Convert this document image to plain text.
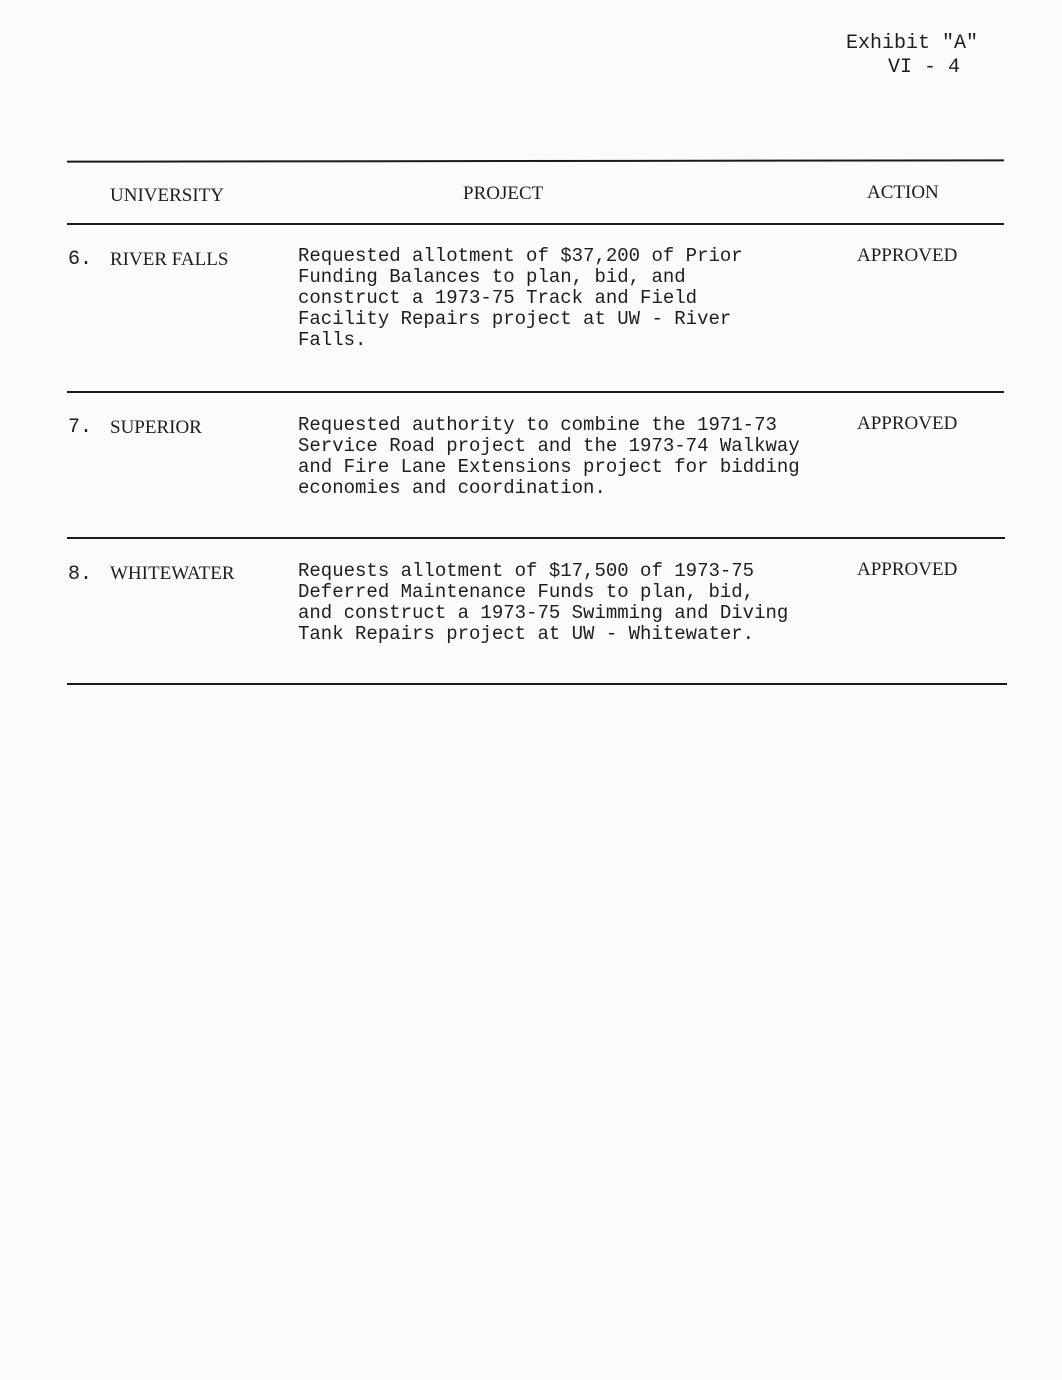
Exhibit "A"
VI - 4
UNIVERSITY	PROJECT	ACTION
6. RIVER FALLS	Requested allotment of $37,200 of Prior
Funding Balances to plan, bid, and
construct a 1973-75 Track and Field
Facility Repairs project at UW - River
Falls.

APPROVED
7. SUPERIOR	Requested authority to combine the 1971-73
Service Road project and the 1973-74 Walkway
and Fire Lane Extensions project for bidding
economies and coordination.

APPROVED
8. WHITEWATER	Requests allotment of $17,500 of 1973-75
Deferred Maintenance Funds to plan, bid,
and construct a 1973-75 Swimming and Diving
Tank Repairs project at UW - Whitewater.

APPROVED
